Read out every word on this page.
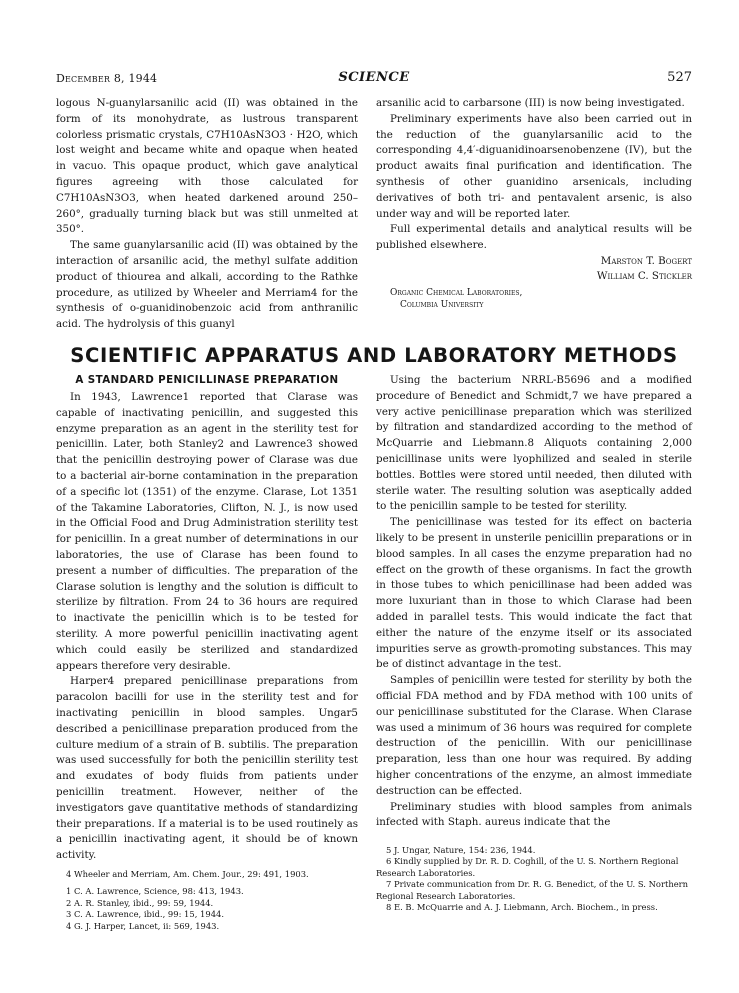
December 8, 1944	SCIENCE	527

logous N-guanylarsanilic acid (II) was obtained in the form of its monohydrate, as lustrous transparent colorless prismatic crystals, C7H10AsN3O3 · H2O, which lost weight and became white and opaque when heated in vacuo. This opaque product, which gave analytical figures agreeing with those calculated for C7H10AsN3O3, when heated darkened around 250–260°, gradually turning black but was still unmelted at 350°.

The same guanylarsanilic acid (II) was obtained by the interaction of arsanilic acid, the methyl sulfate addition product of thiourea and alkali, according to the Rathke procedure, as utilized by Wheeler and Merriam4 for the synthesis of o-guanidinobenzoic acid from anthranilic acid. The hydrolysis of this guanyl

arsanilic acid to carbarsone (III) is now being investigated.

Preliminary experiments have also been carried out in the reduction of the guanylarsanilic acid to the corresponding 4,4′-diguanidinoarsenobenzene (IV), but the product awaits final purification and identification. The synthesis of other guanidino arsenicals, including derivatives of both tri- and pentavalent arsenic, is also under way and will be reported later.

Full experimental details and analytical results will be published elsewhere.

Marston T. Bogert
William C. Stickler
Organic Chemical Laboratories,
Columbia University
SCIENTIFIC APPARATUS AND LABORATORY METHODS
A STANDARD PENICILLINASE PREPARATION

In 1943, Lawrence1 reported that Clarase was capable of inactivating penicillin, and suggested this enzyme preparation as an agent in the sterility test for penicillin. Later, both Stanley2 and Lawrence3 showed that the penicillin destroying power of Clarase was due to a bacterial air-borne contamination in the preparation of a specific lot (1351) of the enzyme. Clarase, Lot 1351 of the Takamine Laboratories, Clifton, N. J., is now used in the Official Food and Drug Administration sterility test for penicillin. In a great number of determinations in our laboratories, the use of Clarase has been found to present a number of difficulties. The preparation of the Clarase solution is lengthy and the solution is difficult to sterilize by filtration. From 24 to 36 hours are required to inactivate the penicillin which is to be tested for sterility. A more powerful penicillin inactivating agent which could easily be sterilized and standardized appears therefore very desirable.

Harper4 prepared penicillinase preparations from paracolon bacilli for use in the sterility test and for inactivating penicillin in blood samples. Ungar5 described a penicillinase preparation produced from the culture medium of a strain of B. subtilis. The preparation was used successfully for both the penicillin sterility test and exudates of body fluids from patients under penicillin treatment. However, neither of the investigators gave quantitative methods of standardizing their preparations. If a material is to be used routinely as a penicillin inactivating agent, it should be of known activity.

Using the bacterium NRRL-B5696 and a modified procedure of Benedict and Schmidt,7 we have prepared a very active penicillinase preparation which was sterilized by filtration and standardized according to the method of McQuarrie and Liebmann.8 Aliquots containing 2,000 penicillinase units were lyophilized and sealed in sterile bottles. Bottles were stored until needed, then diluted with sterile water. The resulting solution was aseptically added to the penicillin sample to be tested for sterility.

The penicillinase was tested for its effect on bacteria likely to be present in unsterile penicillin preparations or in blood samples. In all cases the enzyme preparation had no effect on the growth of these organisms. In fact the growth in those tubes to which penicillinase had been added was more luxuriant than in those to which Clarase had been added in parallel tests. This would indicate the fact that either the nature of the enzyme itself or its associated impurities serve as growth-promoting substances. This may be of distinct advantage in the test.

Samples of penicillin were tested for sterility by both the official FDA method and by FDA method with 100 units of our penicillinase substituted for the Clarase. When Clarase was used a minimum of 36 hours was required for complete destruction of the penicillin. With our penicillinase preparation, less than one hour was required. By adding higher concentrations of the enzyme, an almost immediate destruction can be effected.

Preliminary studies with blood samples from animals infected with Staph. aureus indicate that the

4 Wheeler and Merriam, Am. Chem. Jour., 29: 491, 1903.
1 C. A. Lawrence, Science, 98: 413, 1943.
2 A. R. Stanley, ibid., 99: 59, 1944.
3 C. A. Lawrence, ibid., 99: 15, 1944.
4 G. J. Harper, Lancet, ii: 569, 1943.
5 J. Ungar, Nature, 154: 236, 1944.
6 Kindly supplied by Dr. R. D. Coghill, of the U. S. Northern Regional Research Laboratories.
7 Private communication from Dr. R. G. Benedict, of the U. S. Northern Regional Research Laboratories.
8 E. B. McQuarrie and A. J. Liebmann, Arch. Biochem., in press.
